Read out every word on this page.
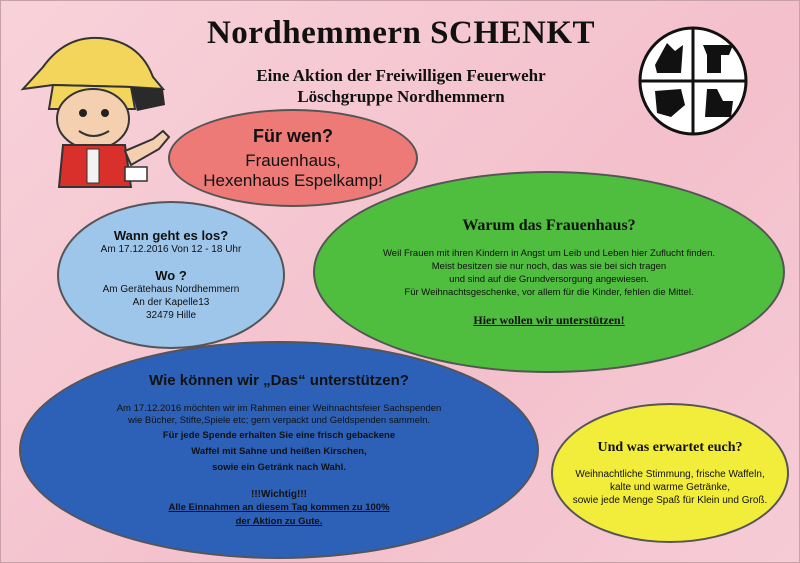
Nordhemmern SCHENKT
Eine Aktion der Freiwilligen Feuerwehr
Löschgruppe Nordhemmern
Für wen?
Frauenhaus,
Hexenhaus Espelkamp!
Wann geht es los?
Am 17.12.2016 Von 12 - 18 Uhr
Wo ?
Am Gerätehaus Nordhemmern
An der Kapelle13
32479 Hille
Warum das Frauenhaus?
Weil Frauen mit ihren Kindern in Angst um Leib und Leben hier Zuflucht finden.
Meist besitzen sie nur noch, das was sie bei sich tragen
und sind auf die Grundversorgung angewiesen.
Für Weihnachtsgeschenke, vor allem für die Kinder, fehlen die Mittel.
Hier wollen wir unterstützen!
Wie können wir „Das“ unterstützen?
Am 17.12.2016 möchten wir im Rahmen einer Weihnachtsfeier Sachspenden
wie Bücher, Stifte,Spiele etc; gern verpackt und Geldspenden sammeln.
Für jede Spende erhalten Sie eine frisch gebackene
Waffel mit Sahne und heißen Kirschen,
sowie ein Getränk nach Wahl.
!!!Wichtig!!!
Alle Einnahmen an diesem Tag kommen zu 100%
der Aktion zu Gute.
Und was erwartet euch?
Weihnachtliche Stimmung, frische Waffeln,
kalte und warme Getränke,
sowie jede Menge Spaß für Klein und Groß.
